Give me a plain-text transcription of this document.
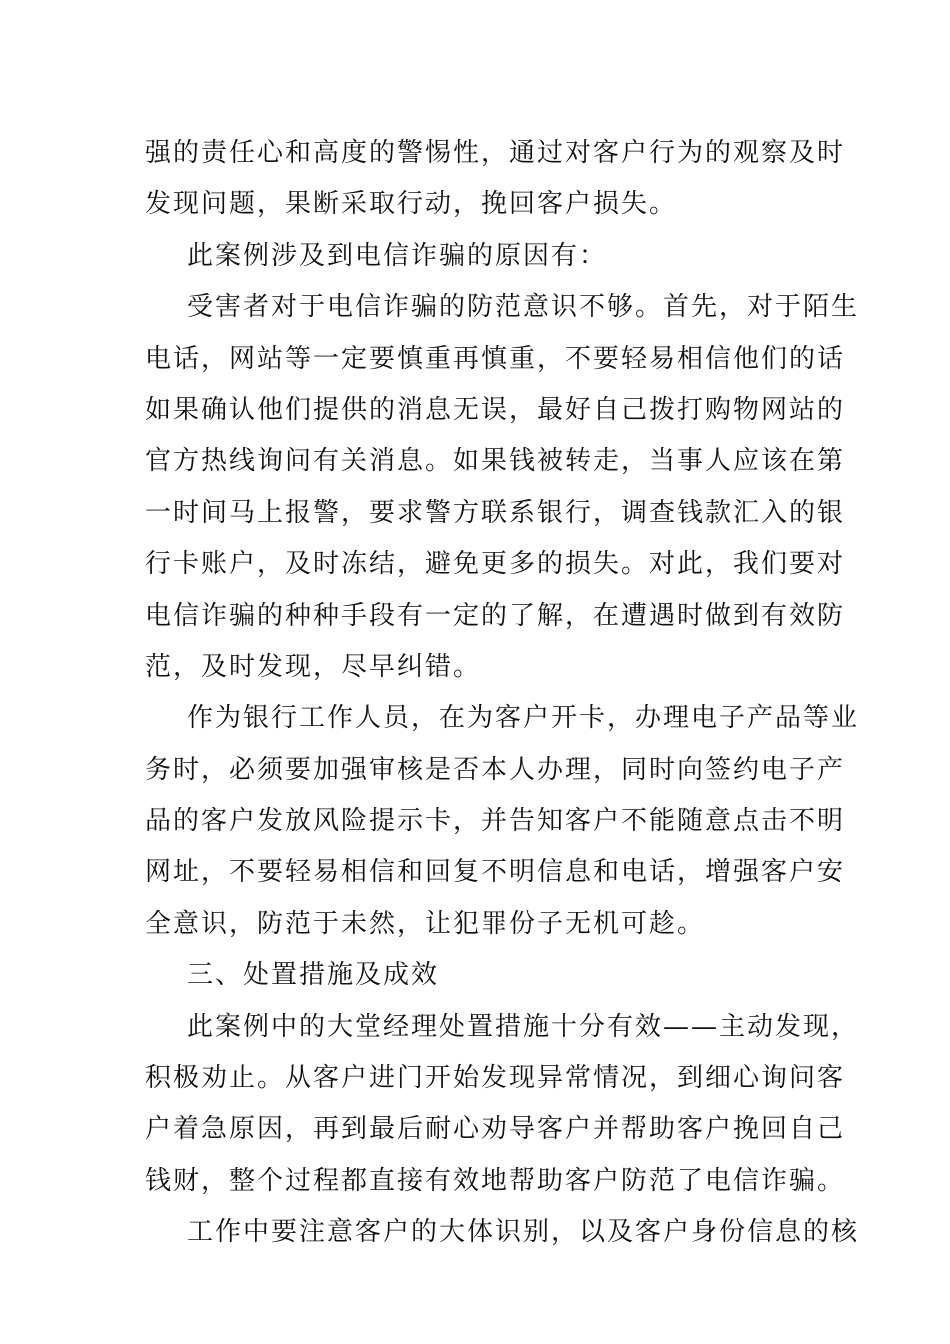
强的责任心和高度的警惕性，通过对客户行为的观察及时
发现问题，果断采取行动，挽回客户损失。
此案例涉及到电信诈骗的原因有：
受害者对于电信诈骗的防范意识不够。首先，对于陌生
电话，网站等一定要慎重再慎重，不要轻易相信他们的话
如果确认他们提供的消息无误，最好自己拨打购物网站的
官方热线询问有关消息。如果钱被转走，当事人应该在第
一时间马上报警，要求警方联系银行，调查钱款汇入的银
行卡账户，及时冻结，避免更多的损失。对此，我们要对
电信诈骗的种种手段有一定的了解，在遭遇时做到有效防
范，及时发现，尽早纠错。
作为银行工作人员，在为客户开卡，办理电子产品等业
务时，必须要加强审核是否本人办理，同时向签约电子产
品的客户发放风险提示卡，并告知客户不能随意点击不明
网址，不要轻易相信和回复不明信息和电话，增强客户安
全意识，防范于未然，让犯罪份子无机可趁。
三、处置措施及成效
此案例中的大堂经理处置措施十分有效——主动发现，
积极劝止。从客户进门开始发现异常情况，到细心询问客
户着急原因，再到最后耐心劝导客户并帮助客户挽回自己
钱财，整个过程都直接有效地帮助客户防范了电信诈骗。
工作中要注意客户的大体识别，以及客户身份信息的核
